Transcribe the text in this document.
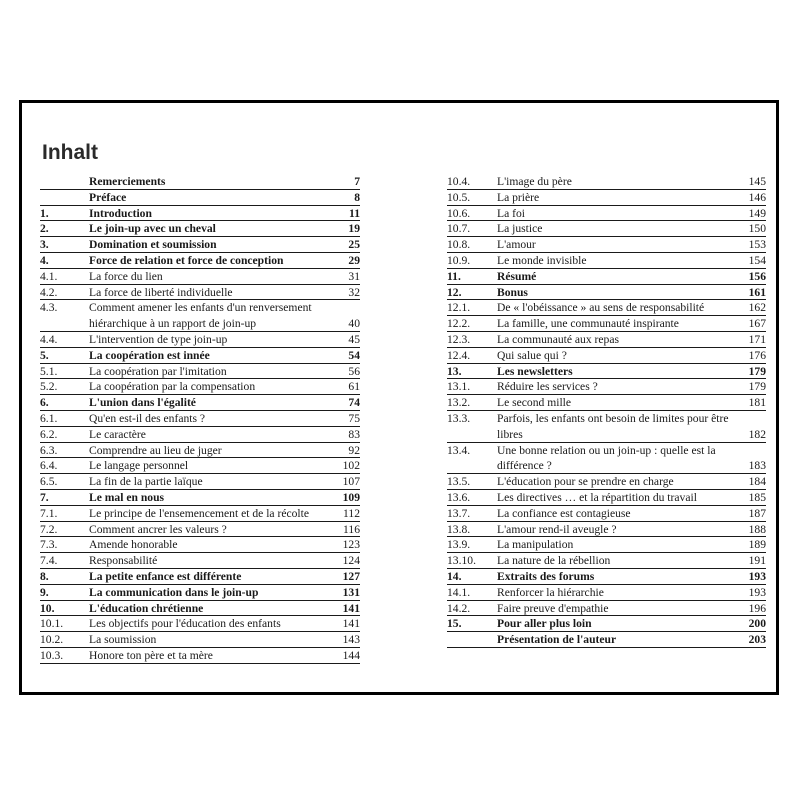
Inhalt
Remerciements	7
Préface	8
1.	Introduction	11
2.	Le join-up avec un cheval	19
3.	Domination et soumission	25
4.	Force de relation et force de conception	29
4.1.	La force du lien	31
4.2.	La force de liberté individuelle	32
4.3.	Comment amener les enfants d'un renversement hiérarchique à un rapport de join-up	40
4.4.	L'intervention de type join-up	45
5.	La coopération est innée	54
5.1.	La coopération par l'imitation	56
5.2.	La coopération par la compensation	61
6.	L'union dans l'égalité	74
6.1.	Qu'en est-il des enfants ?	75
6.2.	Le caractère	83
6.3.	Comprendre au lieu de juger	92
6.4.	Le langage personnel	102
6.5.	La fin de la partie laïque	107
7.	Le mal en nous	109
7.1.	Le principe de l'ensemencement et de la récolte	112
7.2.	Comment ancrer les valeurs ?	116
7.3.	Amende honorable	123
7.4.	Responsabilité	124
8.	La petite enfance est différente	127
9.	La communication dans le join-up	131
10.	L'éducation chrétienne	141
10.1. Les objectifs pour l'éducation des enfants	141
10.2. La soumission	143
10.3. Honore ton père et ta mère	144
10.4. L'image du père	145
10.5. La prière	146
10.6. La foi	149
10.7. La justice	150
10.8. L'amour	153
10.9. Le monde invisible	154
11.	Résumé	156
12.	Bonus	161
12.1. De « l'obéissance » au sens de responsabilité	162
12.2. La famille, une communauté inspirante	167
12.3. La communauté aux repas	171
12.4. Qui salue qui ?	176
13.	Les newsletters	179
13.1. Réduire les services ?	179
13.2. Le second mille	181
13.3. Parfois, les enfants ont besoin de limites pour être libres	182
13.4. Une bonne relation ou un join-up : quelle est la différence ?	183
13.5. L'éducation pour se prendre en charge	184
13.6. Les directives … et la répartition du travail	185
13.7. La confiance est contagieuse	187
13.8. L'amour rend-il aveugle ?	188
13.9. La manipulation	189
13.10. La nature de la rébellion	191
14.	Extraits des forums	193
14.1. Renforcer la hiérarchie	193
14.2. Faire preuve d'empathie	196
15.	Pour aller plus loin	200
Présentation de l'auteur	203
